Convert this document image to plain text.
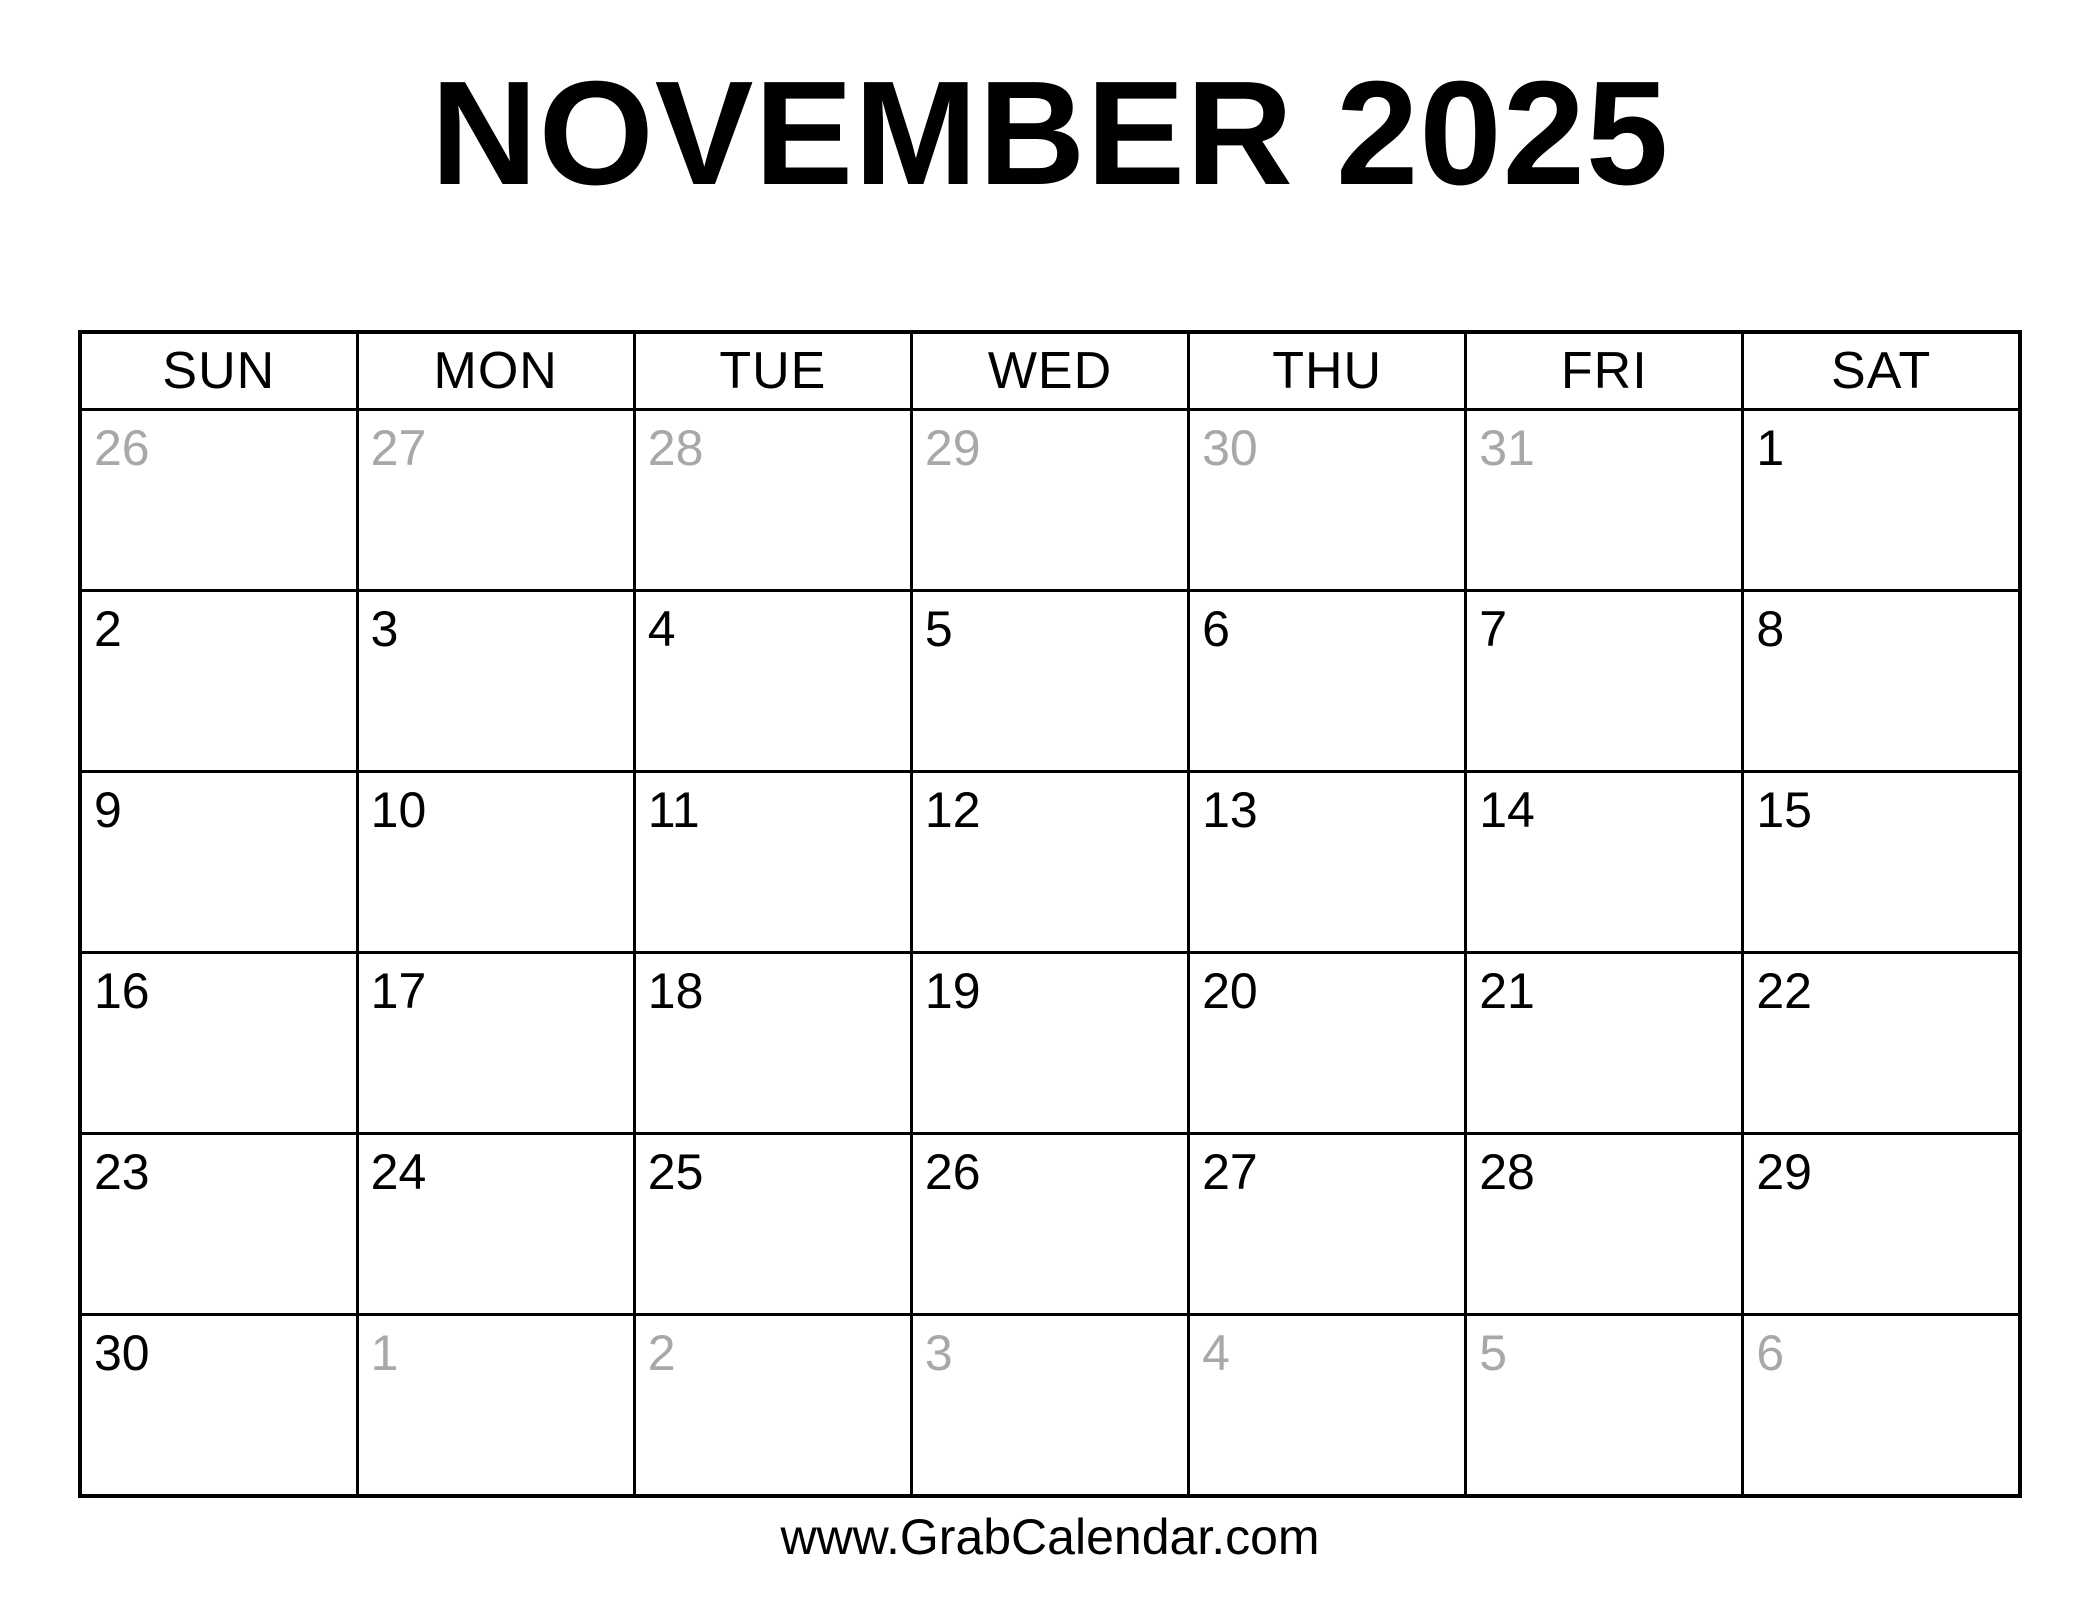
NOVEMBER 2025
SUN	MON	TUE	WED	THU	FRI	SAT

26	27	28	29	30	31	1

2	3	4	5	6	7	8

9	10	11	12	13	14	15

16	17	18	19	20	21	22

23	24	25	26	27	28	29

30	1	2	3	4	5	6
www.GrabCalendar.com
